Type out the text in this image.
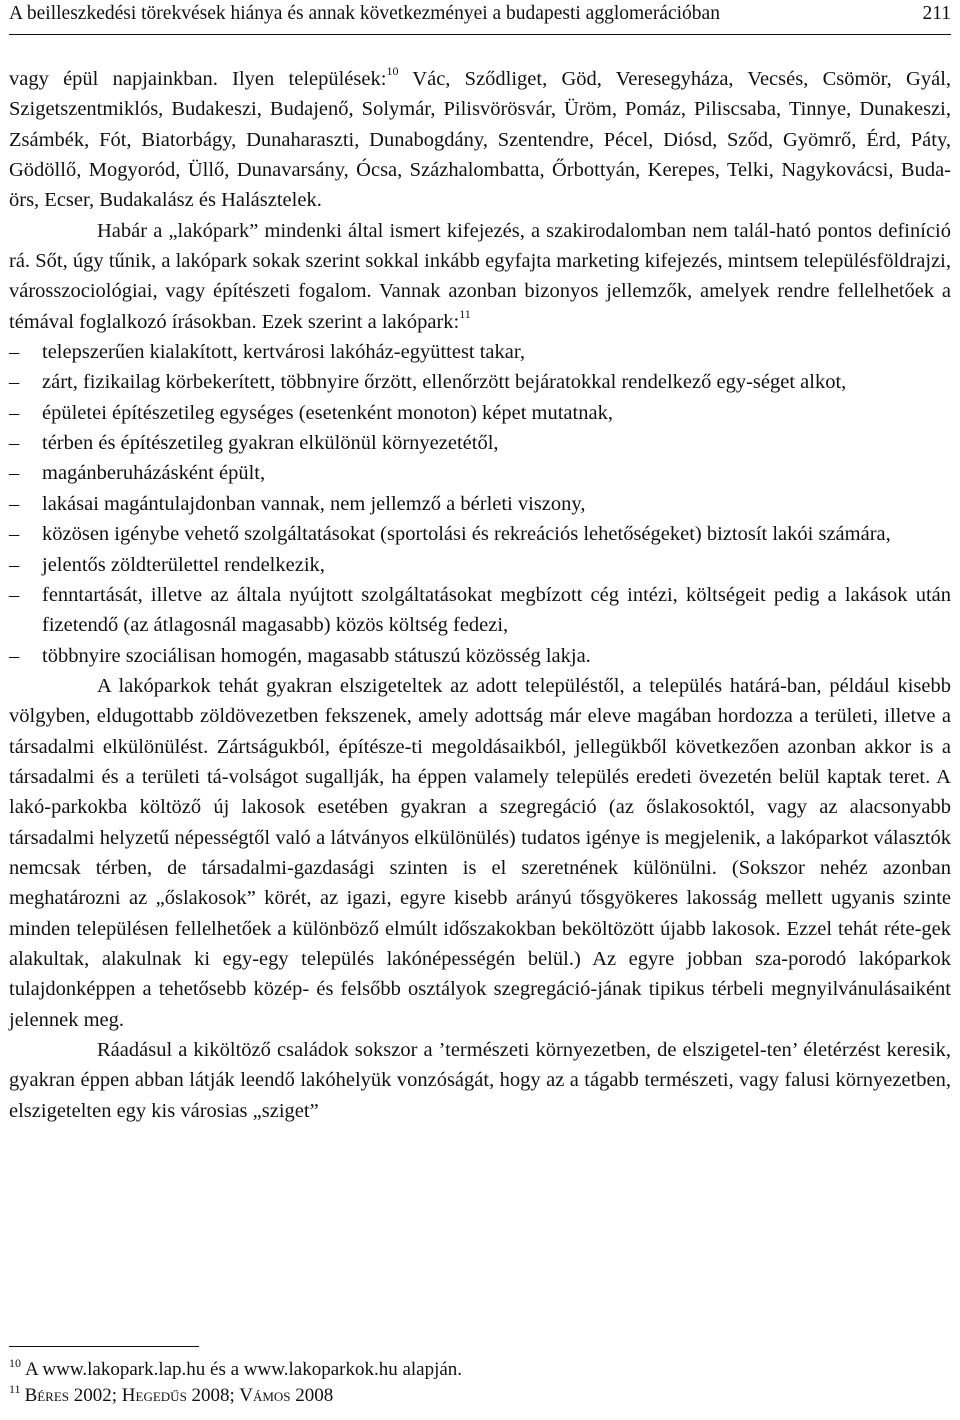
A beilleszkedési törekvések hiánya és annak következményei a budapesti agglomerációban	211

vagy épül napjainkban. Ilyen települések:$^{10}$ Vác, Sződliget, Göd, Veresegyháza, Vecsés, Csömör, Gyál, Szigetszentmiklós, Budakeszi, Budajenő, Solymár, Pilisvörösvár, Üröm, Pomáz, Piliscsaba, Tinnye, Dunakeszi, Zsámbék, Fót, Biatorbágy, Dunaharaszti, Dunabogdány, Szentendre, Pécel, Diósd, Sződ, Gyömrő, Érd, Páty, Gödöllő, Mogyoród, Üllő, Dunavarsány, Ócsa, Százhalombatta, Őrbottyán, Kerepes, Telki, Nagykovácsi, Buda-örs, Ecser, Budakalász és Halásztelek.

Habár a „lakópark” mindenki által ismert kifejezés, a szakirodalomban nem talál-ható pontos definíció rá. Sőt, úgy tűnik, a lakópark sokak szerint sokkal inkább egyfajta marketing kifejezés, mintsem településföldrajzi, városszociológiai, vagy építészeti fogalom. Vannak azonban bizonyos jellemzők, amelyek rendre fellelhetőek a témával foglalkozó írásokban. Ezek szerint a lakópark:$^{11}$

–	telepszerűen kialakított, kertvárosi lakóház-együttest takar,
–	zárt, fizikailag körbekerített, többnyire őrzött, ellenőrzött bejáratokkal rendelkező egy-séget alkot,
–	épületei építészetileg egységes (esetenként monoton) képet mutatnak,
–	térben és építészetileg gyakran elkülönül környezetétől,
–	magánberuházásként épült,
–	lakásai magántulajdonban vannak, nem jellemző a bérleti viszony,
–	közösen igénybe vehető szolgáltatásokat (sportolási és rekreációs lehetőségeket) biztosít lakói számára,
–	jelentős zöldterülettel rendelkezik,
–	fenntartását, illetve az általa nyújtott szolgáltatásokat megbízott cég intézi, költségeit pedig a lakások után fizetendő (az átlagosnál magasabb) közös költség fedezi,
–	többnyire szociálisan homogén, magasabb státuszú közösség lakja.

A lakóparkok tehát gyakran elszigeteltek az adott településtől, a település határá-ban, például kisebb völgyben, eldugottabb zöldövezetben fekszenek, amely adottság már eleve magában hordozza a területi, illetve a társadalmi elkülönülést. Zártságukból, építésze-ti megoldásaikból, jellegükből következően azonban akkor is a társadalmi és a területi tá-volságot sugallják, ha éppen valamely település eredeti övezetén belül kaptak teret. A lakó-parkokba költöző új lakosok esetében gyakran a szegregáció (az őslakosoktól, vagy az alacsonyabb társadalmi helyzetű népességtől való a látványos elkülönülés) tudatos igénye is megjelenik, a lakóparkot választók nemcsak térben, de társadalmi-gazdasági szinten is el szeretnének különülni. (Sokszor nehéz azonban meghatározni az „őslakosok” körét, az igazi, egyre kisebb arányú tősgyökeres lakosság mellett ugyanis szinte minden településen fellelhetőek a különböző elmúlt időszakokban beköltözött újabb lakosok. Ezzel tehát réte-gek alakultak, alakulnak ki egy-egy település lakónépességén belül.) Az egyre jobban sza-porodó lakóparkok tulajdonképpen a tehetősebb közép- és felsőbb osztályok szegregáció-jának tipikus térbeli megnyilvánulásaiként jelennek meg.

Ráadásul a kiköltöző családok sokszor a ’természeti környezetben, de elszigetel-ten’ életérzést keresik, gyakran éppen abban látják leendő lakóhelyük vonzóságát, hogy az a tágabb természeti, vagy falusi környezetben, elszigetelten egy kis városias „sziget”

$^{10}$ A www.lakopark.lap.hu és a www.lakoparkok.hu alapján.

$^{11}$ Béres 2002; Hegedűs 2008; Vámos 2008
